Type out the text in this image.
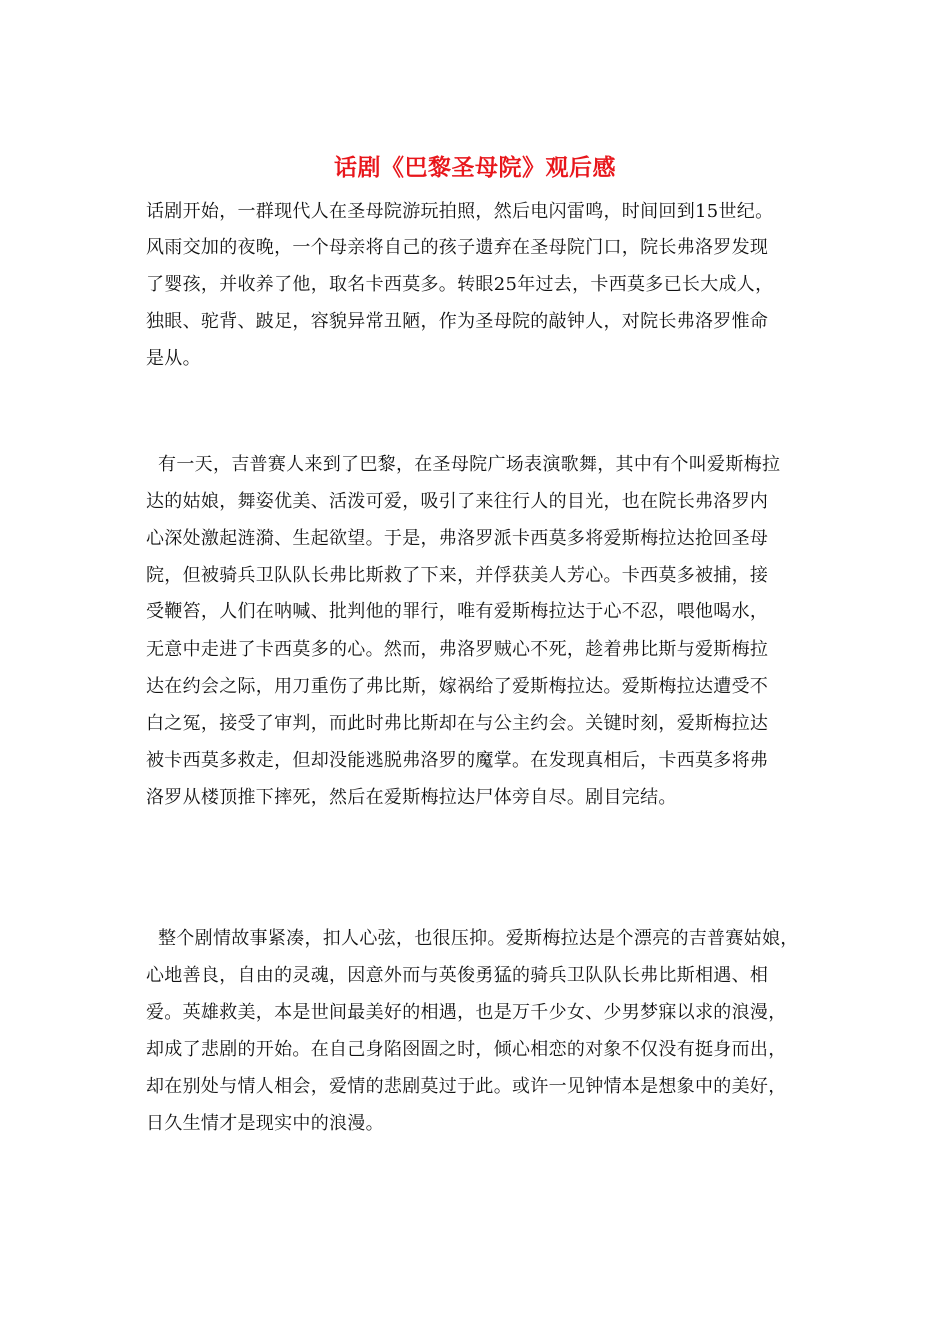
话剧《巴黎圣母院》观后感
话剧开始，一群现代人在圣母院游玩拍照，然后电闪雷鸣，时间回到15世纪。
风雨交加的夜晚，一个母亲将自己的孩子遗弃在圣母院门口，院长弗洛罗发现
了婴孩，并收养了他，取名卡西莫多。转眼25年过去，卡西莫多已长大成人，
独眼、驼背、跛足，容貌异常丑陋，作为圣母院的敲钟人，对院长弗洛罗惟命
是从。
有一天，吉普赛人来到了巴黎，在圣母院广场表演歌舞，其中有个叫爱斯梅拉
达的姑娘，舞姿优美、活泼可爱，吸引了来往行人的目光，也在院长弗洛罗内
心深处激起涟漪、生起欲望。于是，弗洛罗派卡西莫多将爱斯梅拉达抢回圣母
院，但被骑兵卫队队长弗比斯救了下来，并俘获美人芳心。卡西莫多被捕，接
受鞭笞，人们在呐喊、批判他的罪行，唯有爱斯梅拉达于心不忍，喂他喝水，
无意中走进了卡西莫多的心。然而，弗洛罗贼心不死，趁着弗比斯与爱斯梅拉
达在约会之际，用刀重伤了弗比斯，嫁祸给了爱斯梅拉达。爱斯梅拉达遭受不
白之冤，接受了审判，而此时弗比斯却在与公主约会。关键时刻，爱斯梅拉达
被卡西莫多救走，但却没能逃脱弗洛罗的魔掌。在发现真相后，卡西莫多将弗
洛罗从楼顶推下摔死，然后在爱斯梅拉达尸体旁自尽。剧目完结。
整个剧情故事紧凑，扣人心弦，也很压抑。爱斯梅拉达是个漂亮的吉普赛姑娘，
心地善良，自由的灵魂，因意外而与英俊勇猛的骑兵卫队队长弗比斯相遇、相
爱。英雄救美，本是世间最美好的相遇，也是万千少女、少男梦寐以求的浪漫，
却成了悲剧的开始。在自己身陷囹圄之时，倾心相恋的对象不仅没有挺身而出，
却在别处与情人相会，爱情的悲剧莫过于此。或许一见钟情本是想象中的美好，
日久生情才是现实中的浪漫。
